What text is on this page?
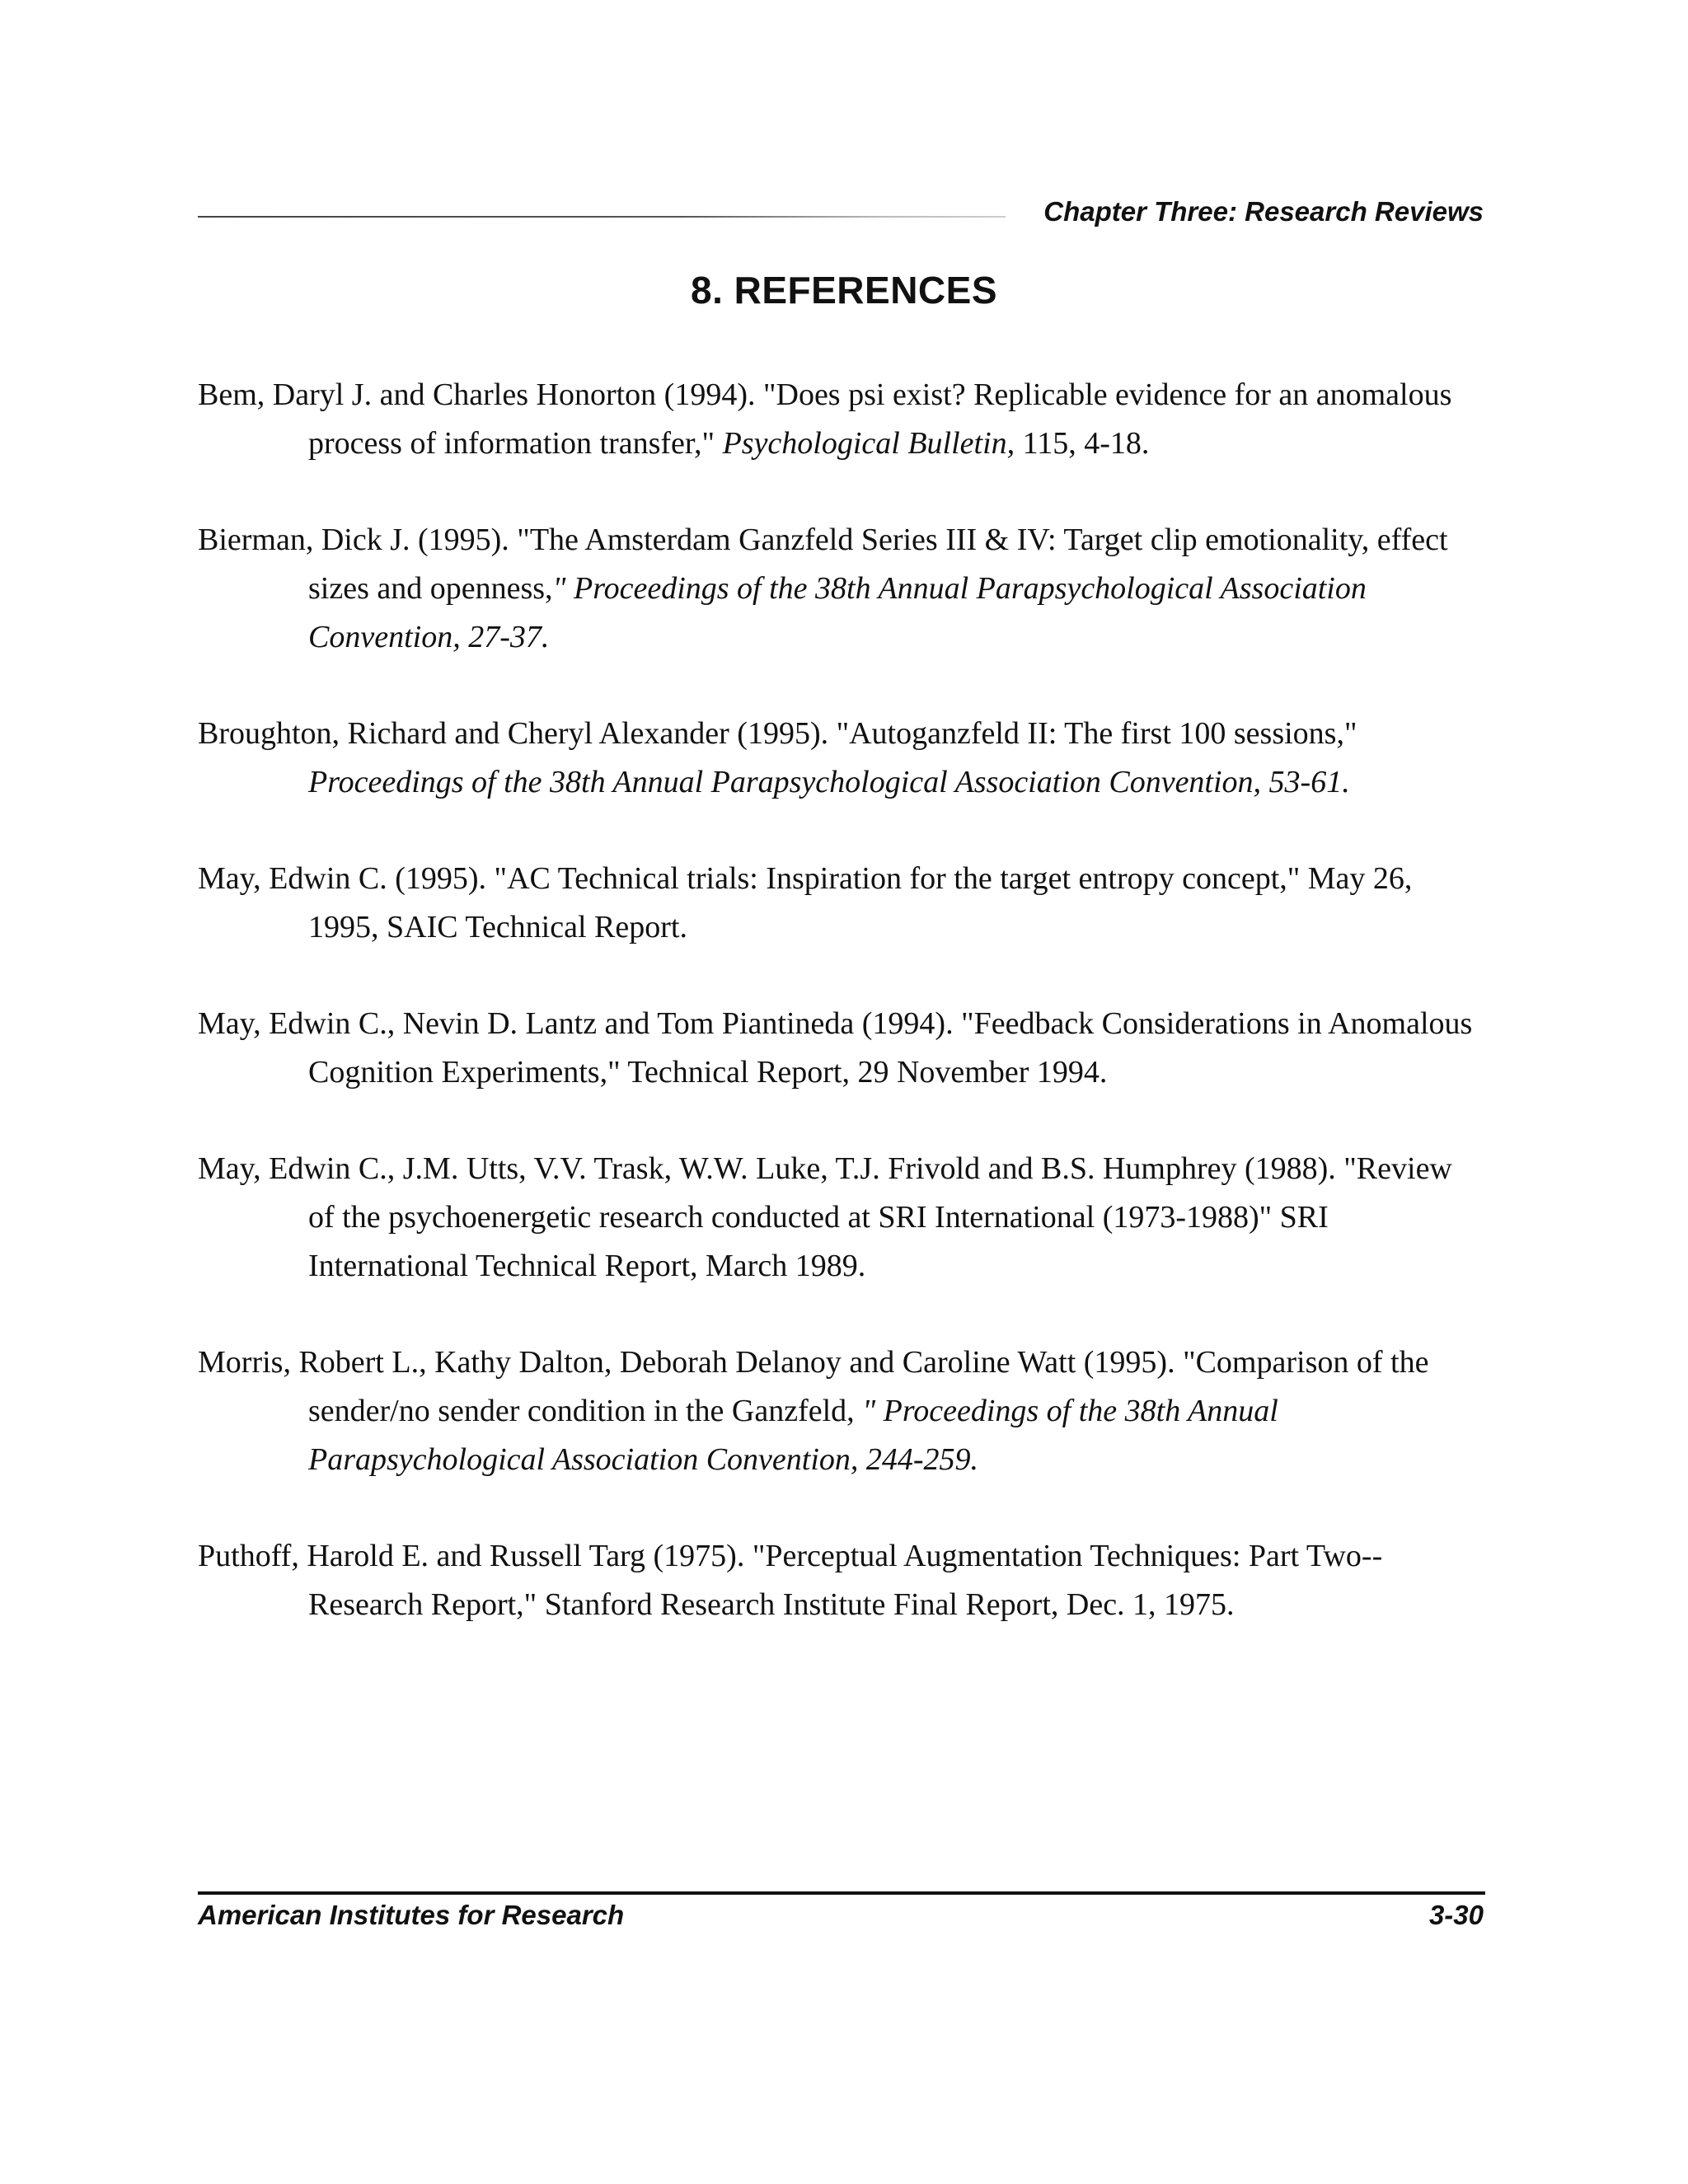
Chapter Three: Research Reviews
8. REFERENCES

Bem, Daryl J. and Charles Honorton (1994). "Does psi exist? Replicable evidence for an anomalous process of information transfer," Psychological Bulletin, 115, 4-18.

Bierman, Dick J. (1995). "The Amsterdam Ganzfeld Series III & IV: Target clip emotionality, effect sizes and openness," Proceedings of the 38th Annual Parapsychological Association Convention, 27-37.

Broughton, Richard and Cheryl Alexander (1995). "Autoganzfeld II: The first 100 sessions," Proceedings of the 38th Annual Parapsychological Association Convention, 53-61.

May, Edwin C. (1995). "AC Technical trials: Inspiration for the target entropy concept," May 26, 1995, SAIC Technical Report.

May, Edwin C., Nevin D. Lantz and Tom Piantineda (1994). "Feedback Considerations in Anomalous Cognition Experiments," Technical Report, 29 November 1994.

May, Edwin C., J.M. Utts, V.V. Trask, W.W. Luke, T.J. Frivold and B.S. Humphrey (1988). "Review of the psychoenergetic research conducted at SRI International (1973-1988)" SRI International Technical Report, March 1989.

Morris, Robert L., Kathy Dalton, Deborah Delanoy and Caroline Watt (1995). "Comparison of the sender/no sender condition in the Ganzfeld, " Proceedings of the 38th Annual Parapsychological Association Convention, 244-259.

Puthoff, Harold E. and Russell Targ (1975). "Perceptual Augmentation Techniques: Part Two--Research Report," Stanford Research Institute Final Report, Dec. 1, 1975.

American Institutes for Research	3-30
